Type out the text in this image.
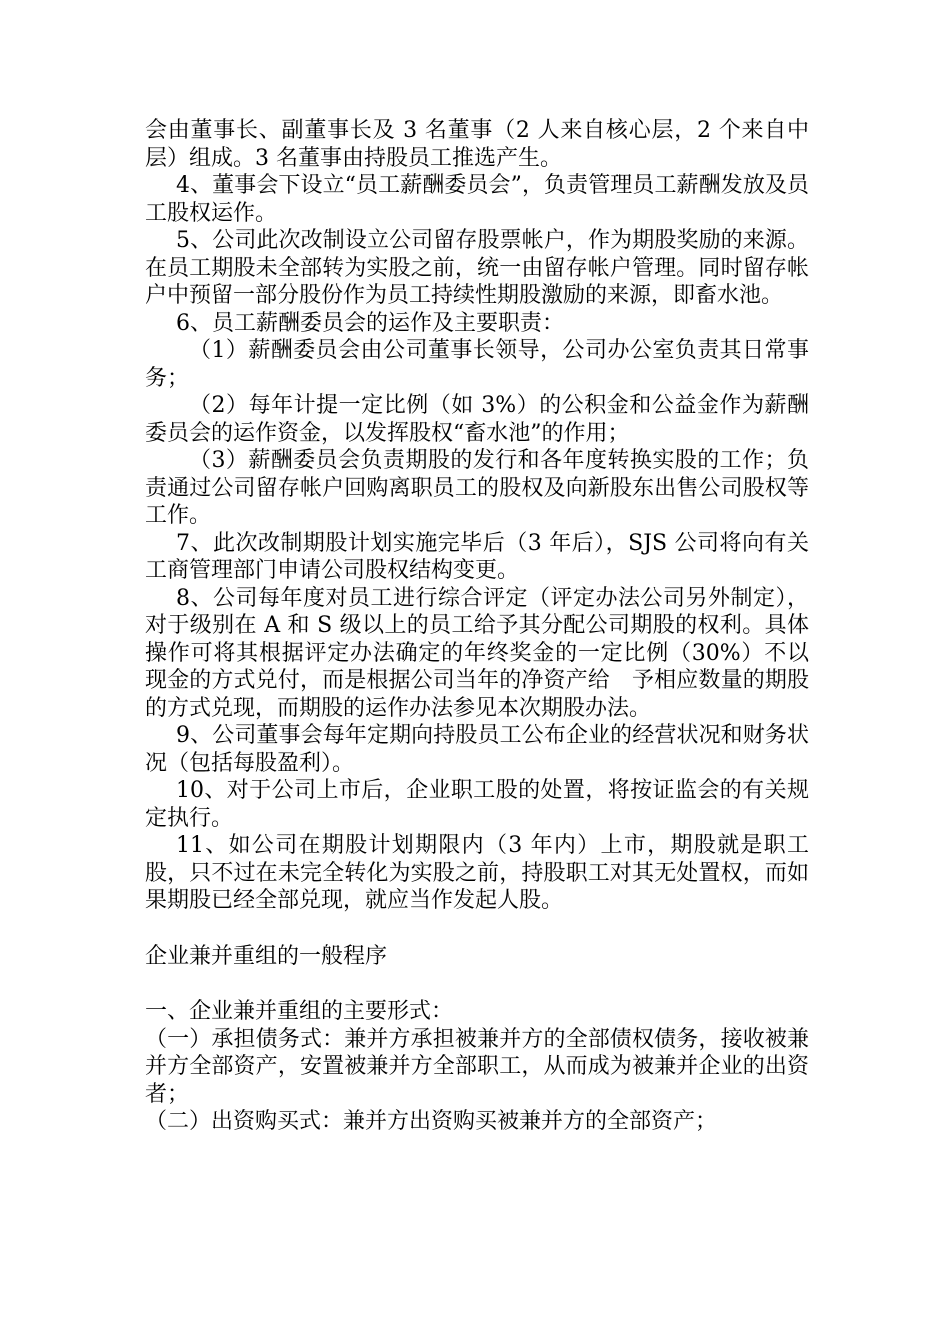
会由董事长、副董事长及 3 名董事（2 人来自核心层，2 个来自中层）组成。3 名董事由持股员工推选产生。

4、董事会下设立“员工薪酬委员会”，负责管理员工薪酬发放及员工股权运作。

5、公司此次改制设立公司留存股票帐户，作为期股奖励的来源。在员工期股未全部转为实股之前，统一由留存帐户管理。同时留存帐户中预留一部分股份作为员工持续性期股激励的来源，即畜水池。

6、员工薪酬委员会的运作及主要职责：

（1）薪酬委员会由公司董事长领导，公司办公室负责其日常事务；

（2）每年计提一定比例（如 3%）的公积金和公益金作为薪酬委员会的运作资金，以发挥股权“畜水池”的作用；

（3）薪酬委员会负责期股的发行和各年度转换实股的工作；负责通过公司留存帐户回购离职员工的股权及向新股东出售公司股权等工作。

7、此次改制期股计划实施完毕后（3 年后），SJS 公司将向有关工商管理部门申请公司股权结构变更。

8、公司每年度对员工进行综合评定（评定办法公司另外制定），对于级别在 A 和 S 级以上的员工给予其分配公司期股的权利。具体操作可将其根据评定办法确定的年终奖金的一定比例（30%）不以现金的方式兑付，而是根据公司当年的净资产给　予相应数量的期股的方式兑现，而期股的运作办法参见本次期股办法。

9、公司董事会每年定期向持股员工公布企业的经营状况和财务状况（包括每股盈利）。

10、对于公司上市后，企业职工股的处置，将按证监会的有关规定执行。

11、如公司在期股计划期限内（3 年内）上市，期股就是职工股，只不过在未完全转化为实股之前，持股职工对其无处置权，而如果期股已经全部兑现，就应当作发起人股。

企业兼并重组的一般程序

一、企业兼并重组的主要形式：

（一）承担债务式：兼并方承担被兼并方的全部债权债务，接收被兼并方全部资产，安置被兼并方全部职工，从而成为被兼并企业的出资者；

（二）出资购买式：兼并方出资购买被兼并方的全部资产；
